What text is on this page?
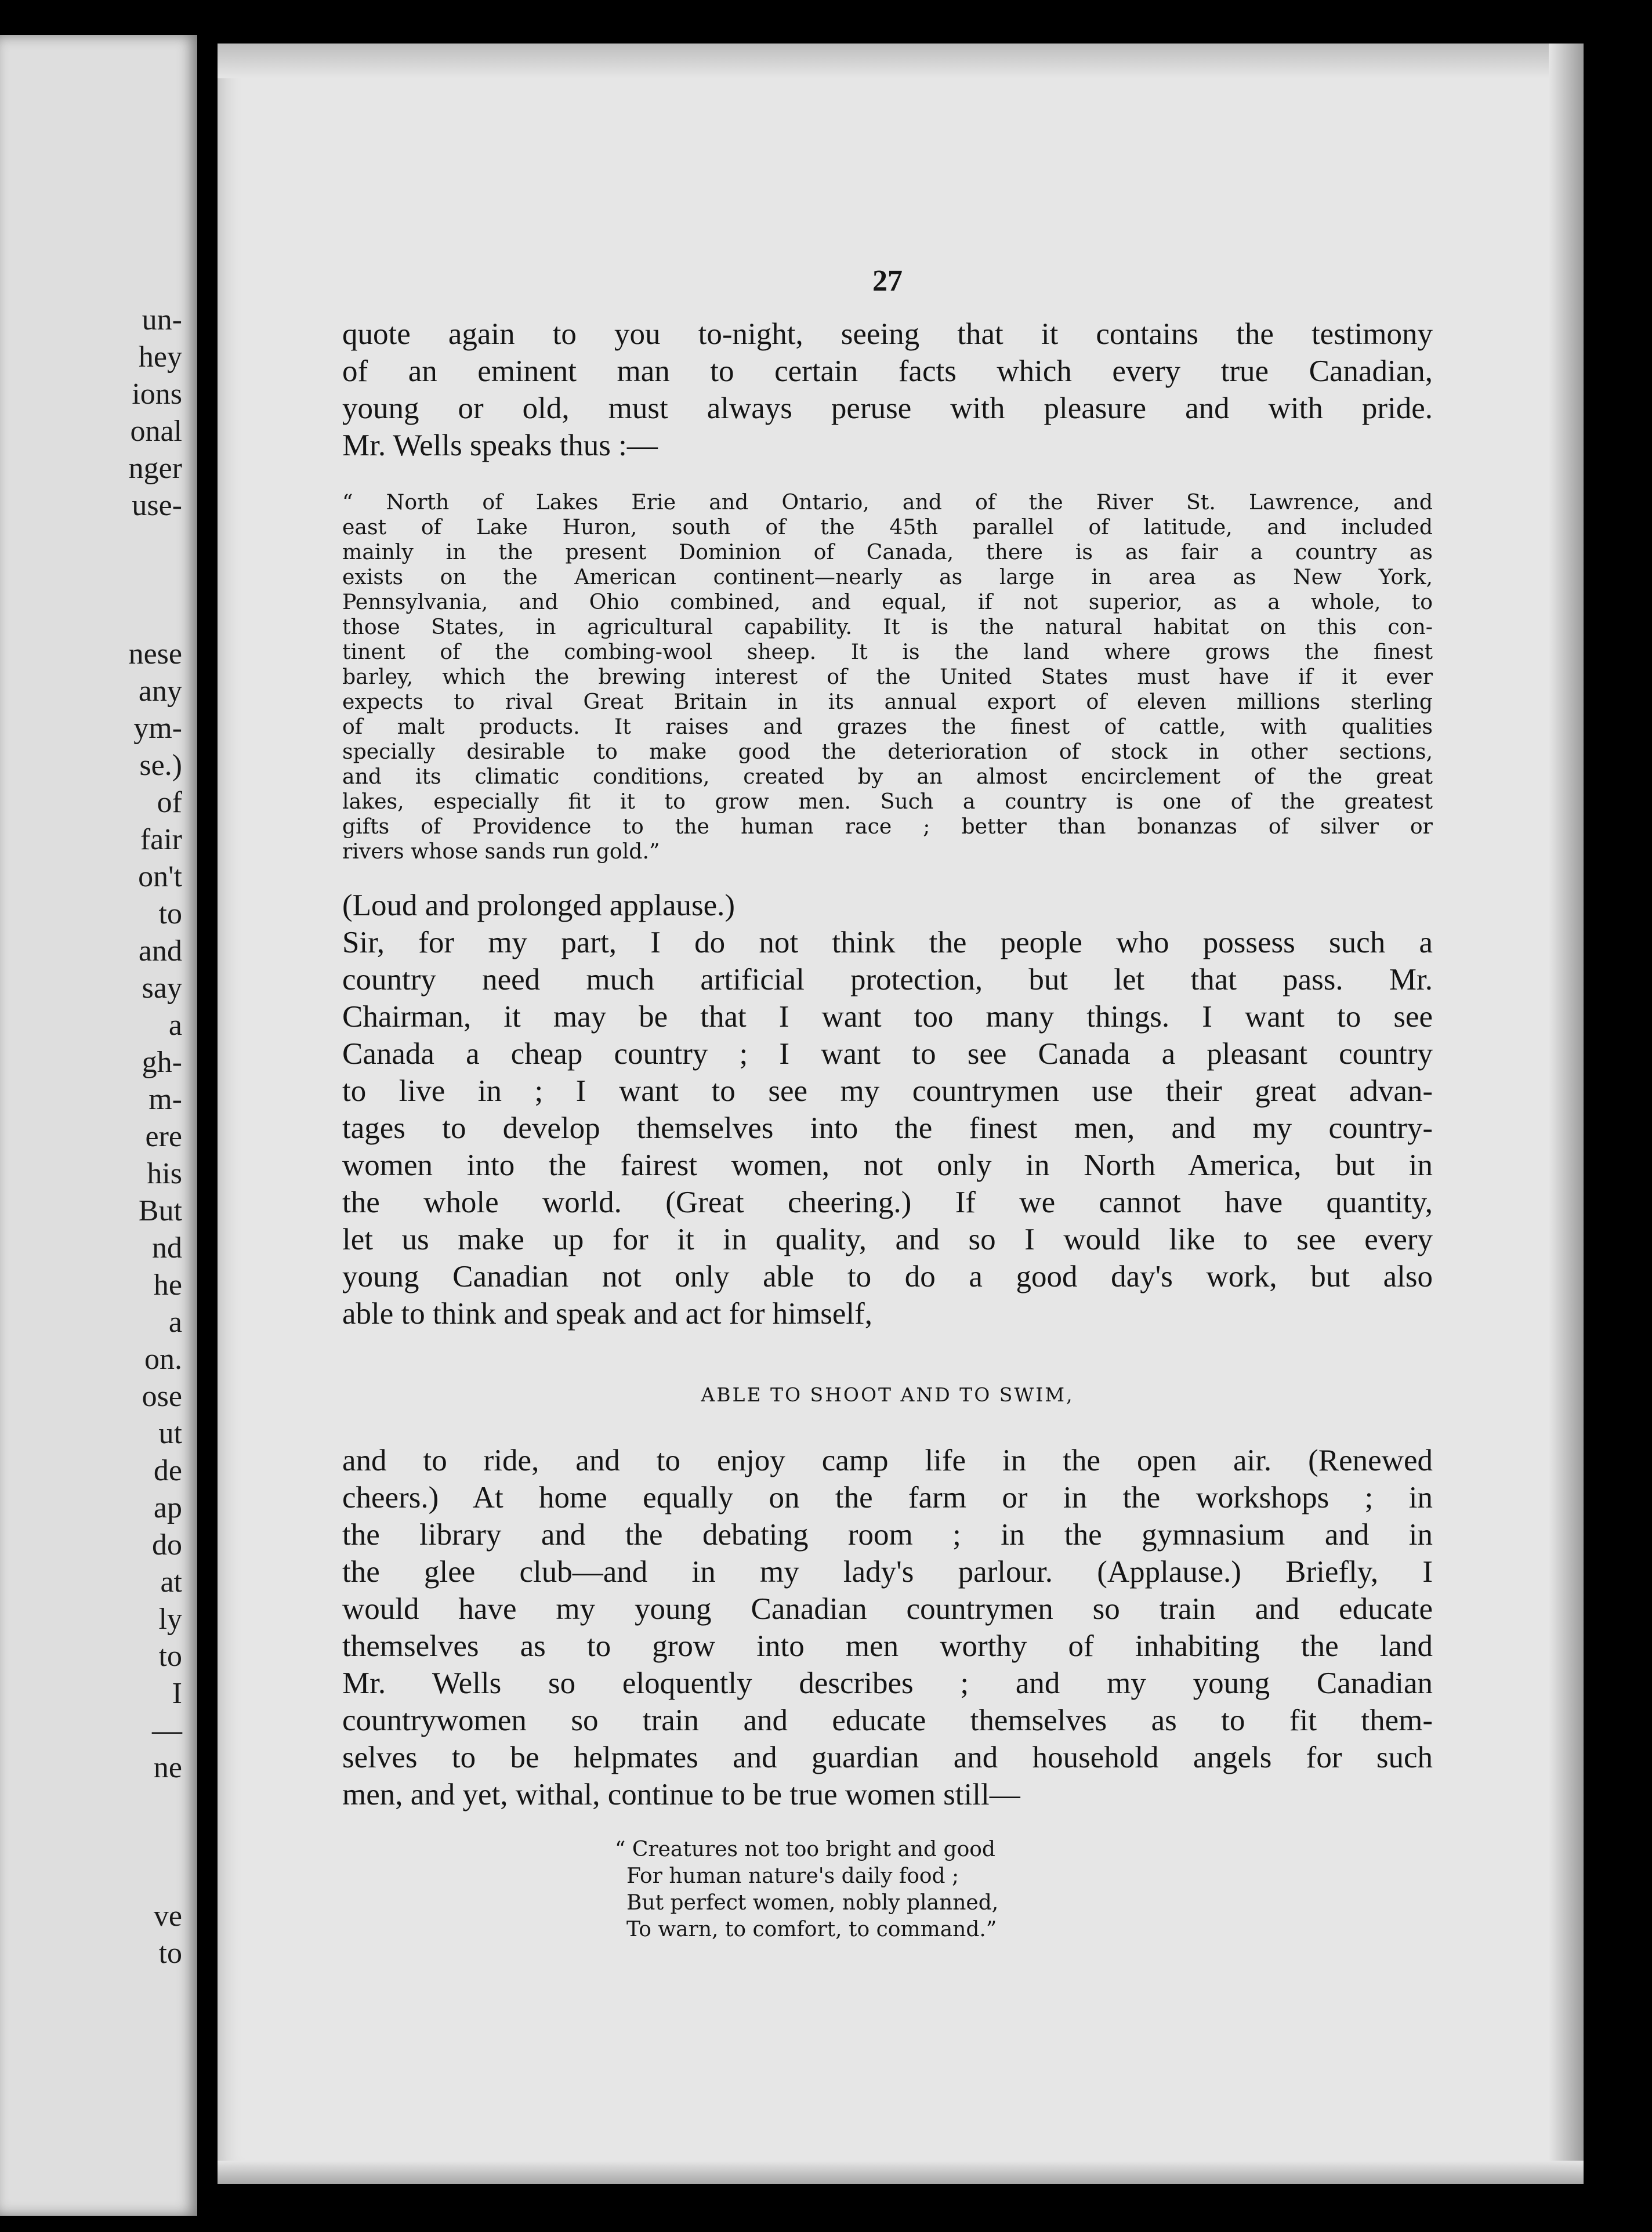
un-
hey
ions
onal
nger
use-
nese
any
ym-
se.)
of
fair
on't
to
and
say
a
gh-
m-
ere
his
But
nd
he
a
on.
ose
ut
de
ap
do
at
ly
to
I
—
ne
ve
to
27
quote again to you to-night, seeing that it contains the testimony
of an eminent man to certain facts which every true Canadian,
young or old, must always peruse with pleasure and with pride.
Mr. Wells speaks thus :—
“ North of Lakes Erie and Ontario, and of the River St. Lawrence, and
east of Lake Huron, south of the 45th parallel of latitude, and included
mainly in the present Dominion of Canada, there is as fair a country as
exists on the American continent—nearly as large in area as New York,
Pennsylvania, and Ohio combined, and equal, if not superior, as a whole, to
those States, in agricultural capability. It is the natural habitat on this con-
tinent of the combing-wool sheep. It is the land where grows the finest
barley, which the brewing interest of the United States must have if it ever
expects to rival Great Britain in its annual export of eleven millions sterling
of malt products. It raises and grazes the finest of cattle, with qualities
specially desirable to make good the deterioration of stock in other sections,
and its climatic conditions, created by an almost encirclement of the great
lakes, especially fit it to grow men. Such a country is one of the greatest
gifts of Providence to the human race ; better than bonanzas of silver or
rivers whose sands run gold.”
(Loud and prolonged applause.)
Sir, for my part, I do not think the people who possess such a
country need much artificial protection, but let that pass. Mr.
Chairman, it may be that I want too many things. I want to see
Canada a cheap country ; I want to see Canada a pleasant country
to live in ; I want to see my countrymen use their great advan-
tages to develop themselves into the finest men, and my country-
women into the fairest women, not only in North America, but in
the whole world. (Great cheering.) If we cannot have quantity,
let us make up for it in quality, and so I would like to see every
young Canadian not only able to do a good day's work, but also
able to think and speak and act for himself,
ABLE TO SHOOT AND TO SWIM,
and to ride, and to enjoy camp life in the open air. (Renewed
cheers.) At home equally on the farm or in the workshops ; in
the library and the debating room ; in the gymnasium and in
the glee club—and in my lady's parlour. (Applause.) Briefly, I
would have my young Canadian countrymen so train and educate
themselves as to grow into men worthy of inhabiting the land
Mr. Wells so eloquently describes ; and my young Canadian
countrywomen so train and educate themselves as to fit them-
selves to be helpmates and guardian and household angels for such
men, and yet, withal, continue to be true women still—
“ Creatures not too bright and good
For human nature's daily food ;
But perfect women, nobly planned,
To warn, to comfort, to command.”
